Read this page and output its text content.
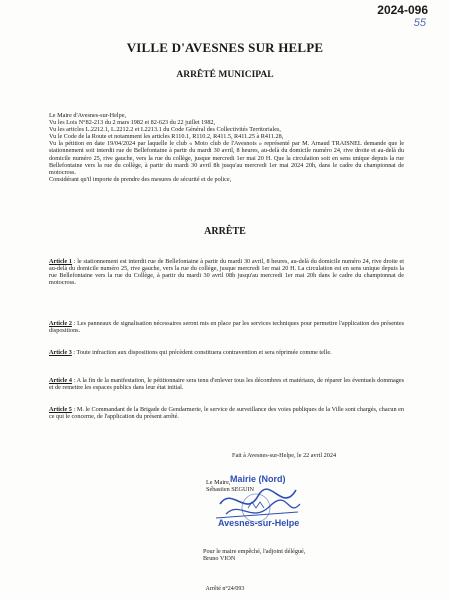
2024-096
55
VILLE D'AVESNES SUR HELPE
ARRÊTÉ MUNICIPAL

Le Maire d'Avesnes-sur-Helpe,

Vu les Lois N°82-213 du 2 mars 1982 et 82-623 du 22 juillet 1982,

Vu les articles L.2212.1, L.2212.2 et L2213.1 du Code Général des Collectivités Territoriales,

Vu le Code de la Route et notamment les articles R110.1, R110.2, R411.5, R411.25 à R411.28,

Vu la pétition en date 19/04/2024 par laquelle le club « Moto club de l'Avesnois » représenté par M. Arnaud TRAISNEL demande que le stationnement soit interdit rue de Bellefontaine à partir du mardi 30 avril, 8 heures, au-delà du domicile numéro 24, rive droite et au-delà du domicile numéro 25, rive gauche, vers la rue du collège, jusque mercredi 1er mai 20 H. Que la circulation soit en sens unique depuis la rue Bellefontaine vers la rue du collège, à partir du mardi 30 avril 8h jusqu'au mercredi 1er mai 2024 20h, dans le cadre du championnat de motocross.

Considérant qu'il importe de prendre des mesures de sécurité et de police,

ARRÊTE

Article 1 : le stationnement est interdit rue de Bellefontaine à partir du mardi 30 avril, 8 heures, au-delà du domicile numéro 24, rive droite et au-delà du domicile numéro 25, rive gauche, vers la rue du collège, jusque mercredi 1er mai 20 H. La circulation est en sens unique depuis la rue Bellefontaine vers la rue du Collège, à partir du mardi 30 avril 08h jusqu'au mercredi 1er mai 20h dans le cadre du championnat de motocross.

Article 2 : Les panneaux de signalisation nécessaires seront mis en place par les services techniques pour permettre l'application des présentes dispositions.

Article 3 : Toute infraction aux dispositions qui précèdent constituera contravention et sera réprimée comme telle.

Article 4 : A la fin de la manifestation, le pétitionnaire sera tenu d'enlever tous les décombres et matériaux, de réparer les éventuels dommages et de remettre les espaces publics dans leur état initial.

Article 5 : M. le Commandant de la Brigade de Gendarmerie, le service de surveillance des voies publiques de la Ville sont chargés, chacun en ce qui le concerne, de l'application du présent arrêté.

Fait à Avesnes-sur-Helpe, le 22 avril 2024
Le Maire,
Sébastien SEGUIN
Mairie (Nord)
Avesnes-sur-Helpe
Pour le maire empêché, l'adjoint délégué,
Bruno VION
Arrêté n°24/093
